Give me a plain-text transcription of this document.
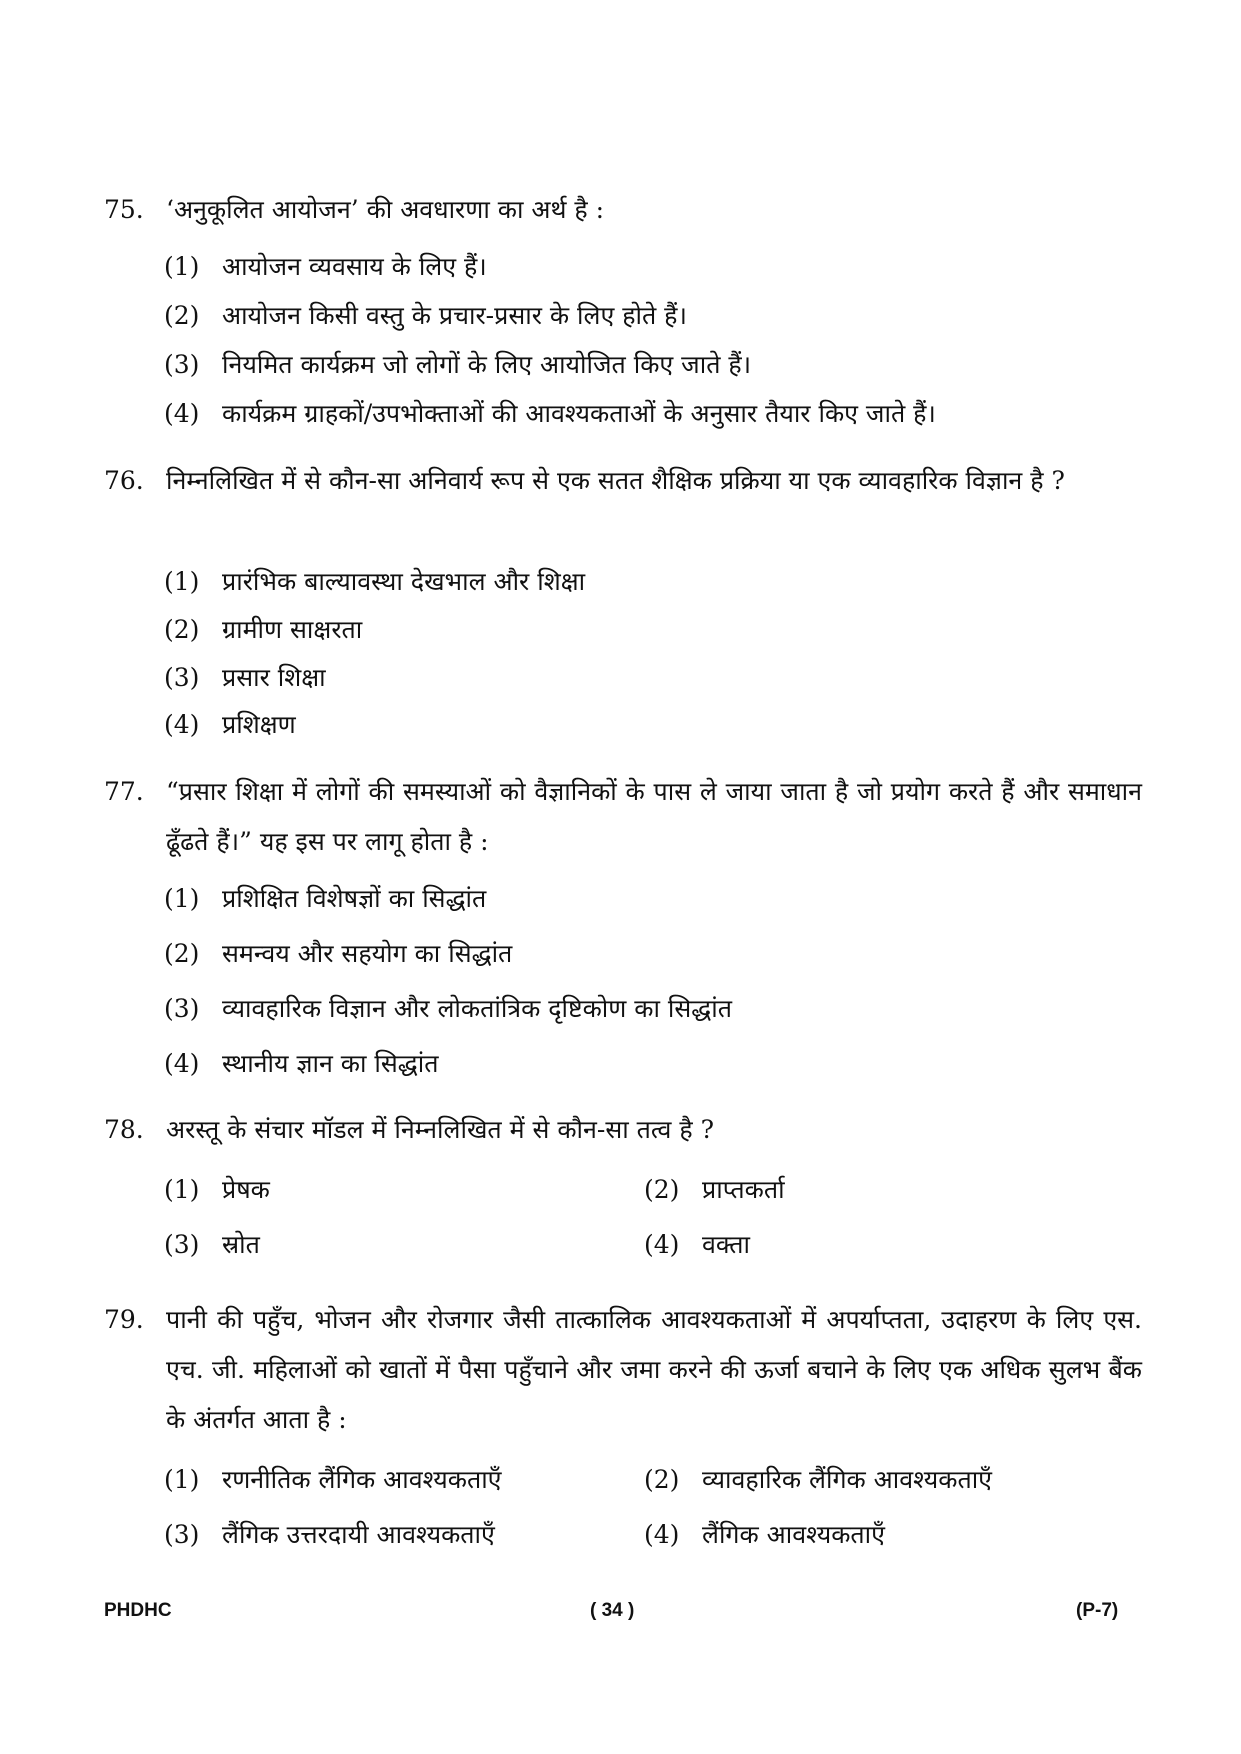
75. ‘अनुकूलित आयोजन’ की अवधारणा का अर्थ है :
(1) आयोजन व्यवसाय के लिए हैं।
(2) आयोजन किसी वस्तु के प्रचार-प्रसार के लिए होते हैं।
(3) नियमित कार्यक्रम जो लोगों के लिए आयोजित किए जाते हैं।
(4) कार्यक्रम ग्राहकों/उपभोक्ताओं की आवश्यकताओं के अनुसार तैयार किए जाते हैं।
76. निम्नलिखित में से कौन-सा अनिवार्य रूप से एक सतत शैक्षिक प्रक्रिया या एक व्यावहारिक विज्ञान है ?
(1) प्रारंभिक बाल्यावस्था देखभाल और शिक्षा
(2) ग्रामीण साक्षरता
(3) प्रसार शिक्षा
(4) प्रशिक्षण
77. “प्रसार शिक्षा में लोगों की समस्याओं को वैज्ञानिकों के पास ले जाया जाता है जो प्रयोग करते हैं और समाधान ढूँढते हैं।” यह इस पर लागू होता है :
(1) प्रशिक्षित विशेषज्ञों का सिद्धांत
(2) समन्वय और सहयोग का सिद्धांत
(3) व्यावहारिक विज्ञान और लोकतांत्रिक दृष्टिकोण का सिद्धांत
(4) स्थानीय ज्ञान का सिद्धांत
78. अरस्तू के संचार मॉडल में निम्नलिखित में से कौन-सा तत्व है ?
(1) प्रेषक	(2) प्राप्तकर्ता
(3) स्रोत	(4) वक्ता
79. पानी की पहुँच, भोजन और रोजगार जैसी तात्कालिक आवश्यकताओं में अपर्याप्तता, उदाहरण के लिए एस. एच. जी. महिलाओं को खातों में पैसा पहुँचाने और जमा करने की ऊर्जा बचाने के लिए एक अधिक सुलभ बैंक के अंतर्गत आता है :
(1) रणनीतिक लैंगिक आवश्यकताएँ	(2) व्यावहारिक लैंगिक आवश्यकताएँ
(3) लैंगिक उत्तरदायी आवश्यकताएँ	(4) लैंगिक आवश्यकताएँ
PHDHC	( 34 )	(P-7)
